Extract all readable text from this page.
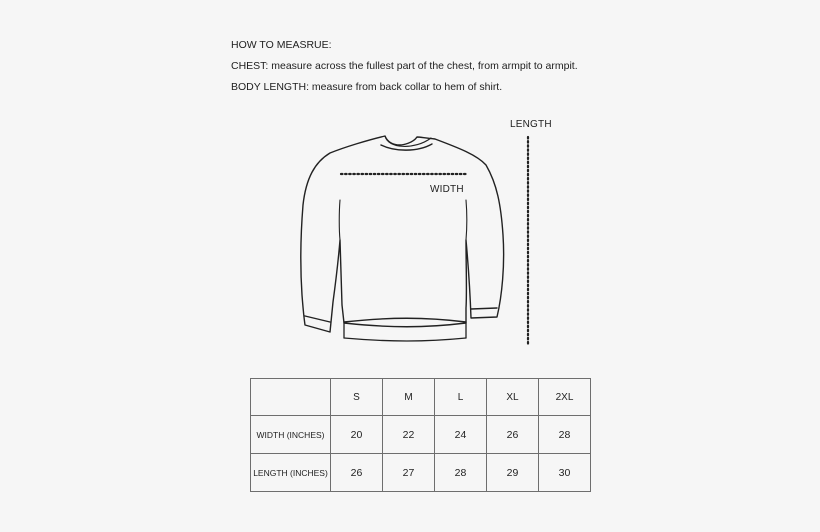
HOW TO MEASRUE:
CHEST: measure across the fullest part of the chest, from armpit to armpit.
BODY LENGTH: measure from back collar to hem of shirt.
LENGTH
WIDTH
	S	M	L	XL	2XL
WIDTH (INCHES)	20	22	24	26	28
LENGTH (INCHES)	26	27	28	29	30
